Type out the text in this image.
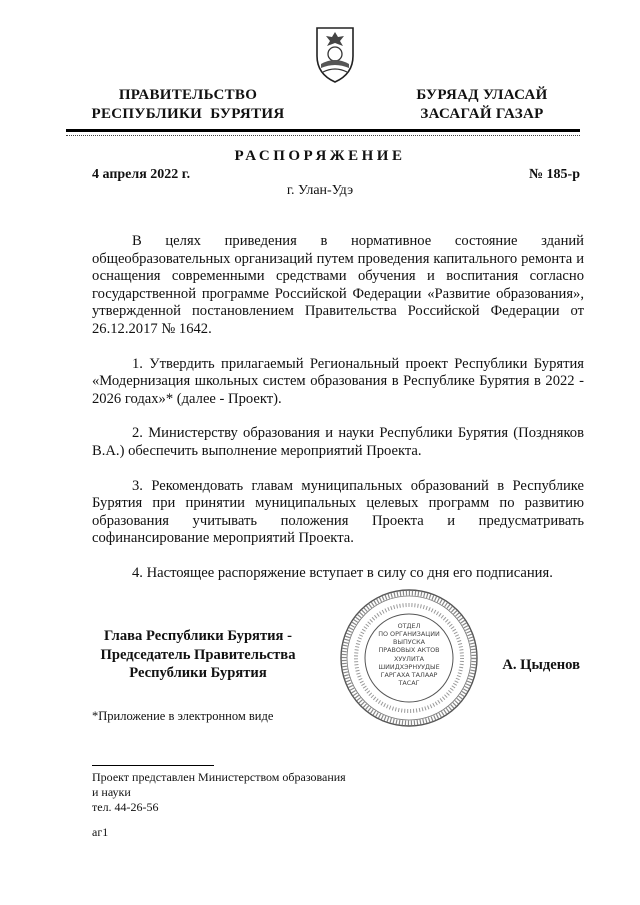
ПРАВИТЕЛЬСТВО
РЕСПУБЛИКИ  БУРЯТИЯ
БУРЯАД УЛАСАЙ
ЗАСАГАЙ ГАЗАР
РАСПОРЯЖЕНИЕ
4 апреля 2022 г.	№ 185-р
г. Улан-Удэ

В целях приведения в нормативное состояние зданий общеобразовательных организаций путем проведения капитального ремонта и оснащения современными средствами обучения и воспитания согласно государственной программе Российской Федерации «Развитие образования», утвержденной постановлением Правительства Российской Федерации от 26.12.2017 № 1642.

1. Утвердить прилагаемый Региональный проект Республики Бурятия «Модернизация школьных систем образования в Республике Бурятия в 2022 - 2026 годах»* (далее - Проект).

2. Министерству образования и науки Республики Бурятия (Поздняков В.А.) обеспечить выполнение мероприятий Проекта.

3. Рекомендовать главам муниципальных образований в Республике Бурятия при принятии муниципальных целевых программ по развитию образования учитывать положения Проекта и предусматривать софинансирование мероприятий Проекта.

4. Настоящее распоряжение вступает в силу со дня его подписания.

Глава Республики Бурятия -
Председатель Правительства
Республики Бурятия
ОТДЕЛ
ПО ОРГАНИЗАЦИИ
ВЫПУСКА
ПРАВОВЫХ АКТОВ
ХУУЛИТА
ШИИДХЭРНУУДЫЕ
ГАРГАХА ТАЛААР
ТАСАГ
А. Цыденов
*Приложение в электронном виде
Проект представлен Министерством образования
и науки
тел. 44-26-56
аг1
